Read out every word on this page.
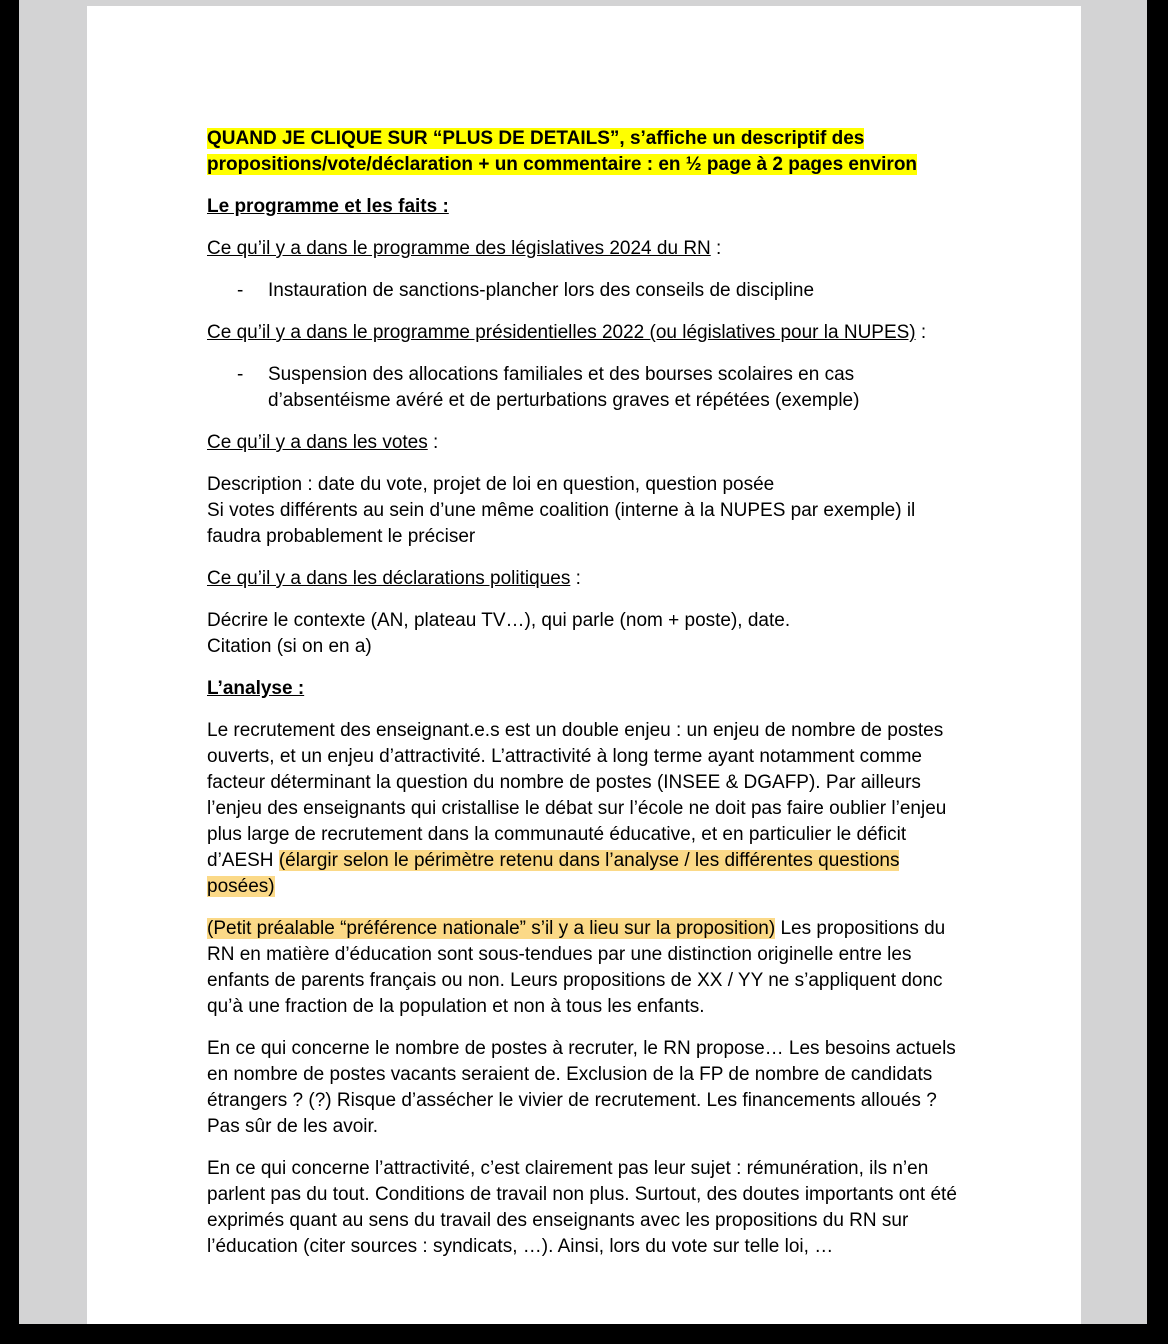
QUAND JE CLIQUE SUR “PLUS DE DETAILS”, s’affiche un descriptif des propositions/vote/déclaration + un commentaire : en ½ page à 2 pages environ
Le programme et les faits :
Ce qu’il y a dans le programme des législatives 2024 du RN :
-	Instauration de sanctions-plancher lors des conseils de discipline
Ce qu’il y a dans le programme présidentielles 2022 (ou législatives pour la NUPES) :
-	Suspension des allocations familiales et des bourses scolaires en cas d’absentéisme avéré et de perturbations graves et répétées (exemple)
Ce qu’il y a dans les votes :
Description : date du vote, projet de loi en question, question posée
Si votes différents au sein d’une même coalition (interne à la NUPES par exemple) il faudra probablement le préciser
Ce qu’il y a dans les déclarations politiques :
Décrire le contexte (AN, plateau TV…), qui parle (nom + poste), date.
Citation (si on en a)
L’analyse :
Le recrutement des enseignant.e.s est un double enjeu : un enjeu de nombre de postes ouverts, et un enjeu d’attractivité. L’attractivité à long terme ayant notamment comme facteur déterminant la question du nombre de postes (INSEE & DGAFP). Par ailleurs l’enjeu des enseignants qui cristallise le débat sur l’école ne doit pas faire oublier l’enjeu plus large de recrutement dans la communauté éducative, et en particulier le déficit d’AESH (élargir selon le périmètre retenu dans l’analyse / les différentes questions posées)
(Petit préalable “préférence nationale” s’il y a lieu sur la proposition) Les propositions du RN en matière d’éducation sont sous-tendues par une distinction originelle entre les enfants de parents français ou non. Leurs propositions de XX / YY ne s’appliquent donc qu’à une fraction de la population et non à tous les enfants.
En ce qui concerne le nombre de postes à recruter, le RN propose… Les besoins actuels en nombre de postes vacants seraient de. Exclusion de la FP de nombre de candidats étrangers ? (?) Risque d’assécher le vivier de recrutement. Les financements alloués ? Pas sûr de les avoir.
En ce qui concerne l’attractivité, c’est clairement pas leur sujet : rémunération, ils n’en parlent pas du tout. Conditions de travail non plus. Surtout, des doutes importants ont été exprimés quant au sens du travail des enseignants avec les propositions du RN sur l’éducation (citer sources : syndicats, …). Ainsi, lors du vote sur telle loi, …
